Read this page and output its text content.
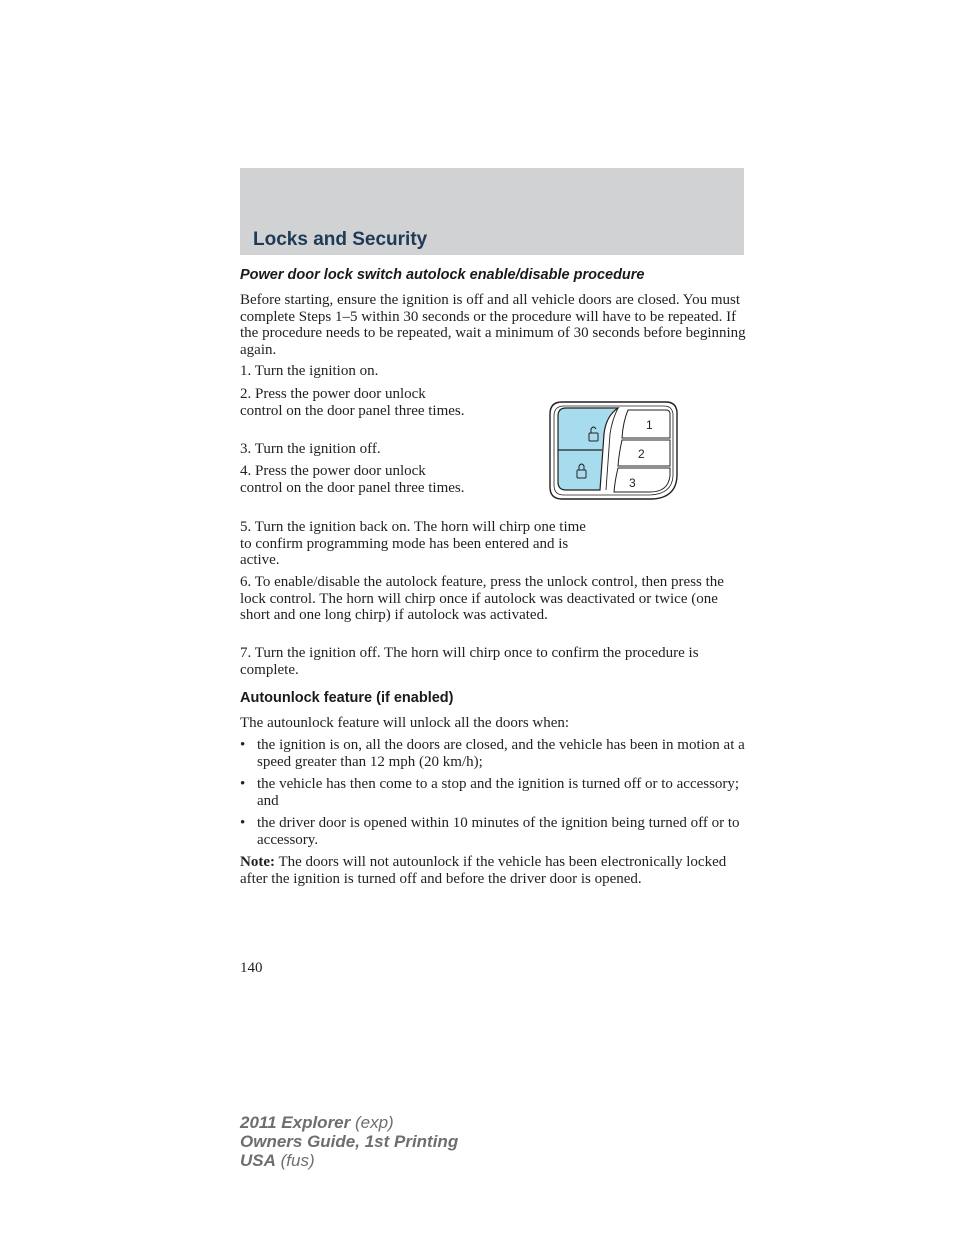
Locks and Security
Power door lock switch autolock enable/disable procedure
Before starting, ensure the ignition is off and all vehicle doors are closed. You must complete Steps 1–5 within 30 seconds or the procedure will have to be repeated. If the procedure needs to be repeated, wait a minimum of 30 seconds before beginning again.
1. Turn the ignition on.
2. Press the power door unlock control on the door panel three times.
3. Turn the ignition off.
4. Press the power door unlock control on the door panel three times.
5. Turn the ignition back on. The horn will chirp one time to confirm programming mode has been entered and is active.
6. To enable/disable the autolock feature, press the unlock control, then press the lock control. The horn will chirp once if autolock was deactivated or twice (one short and one long chirp) if autolock was activated.
7. Turn the ignition off. The horn will chirp once to confirm the procedure is complete.
1
2
3
Autounlock feature (if enabled)
The autounlock feature will unlock all the doors when:
• the ignition is on, all the doors are closed, and the vehicle has been in motion at a speed greater than 12 mph (20 km/h);
• the vehicle has then come to a stop and the ignition is turned off or to accessory; and
• the driver door is opened within 10 minutes of the ignition being turned off or to accessory.
Note: The doors will not autounlock if the vehicle has been electronically locked after the ignition is turned off and before the driver door is opened.
140
2011 Explorer (exp)
Owners Guide, 1st Printing
USA (fus)
